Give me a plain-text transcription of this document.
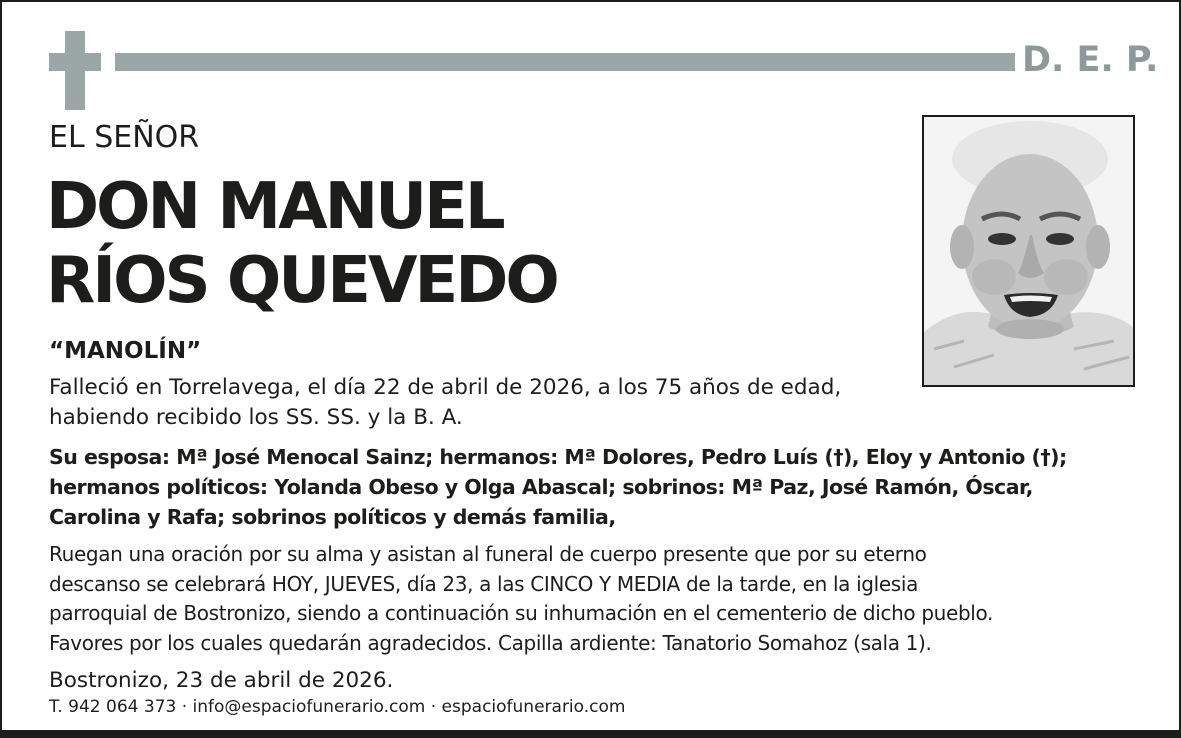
D. E. P.
EL SEÑOR
DON MANUEL
RÍOS QUEVEDO
“MANOLÍN”
Falleció en Torrelavega, el día 22 de abril de 2026, a los 75 años de edad,
habiendo recibido los SS. SS. y la B. A.
Su esposa: Mª José Menocal Sainz; hermanos: Mª Dolores, Pedro Luís (†), Eloy y Antonio (†);
hermanos políticos: Yolanda Obeso y Olga Abascal; sobrinos: Mª Paz, José Ramón, Óscar,
Carolina y Rafa; sobrinos políticos y demás familia,
Ruegan una oración por su alma y asistan al funeral de cuerpo presente que por su eterno
descanso se celebrará HOY, JUEVES, día 23, a las CINCO Y MEDIA de la tarde, en la iglesia
parroquial de Bostronizo, siendo a continuación su inhumación en el cementerio de dicho pueblo.
Favores por los cuales quedarán agradecidos. Capilla ardiente: Tanatorio Somahoz (sala 1).
Bostronizo, 23 de abril de 2026.
T. 942 064 373 · info@espaciofunerario.com · espaciofunerario.com
